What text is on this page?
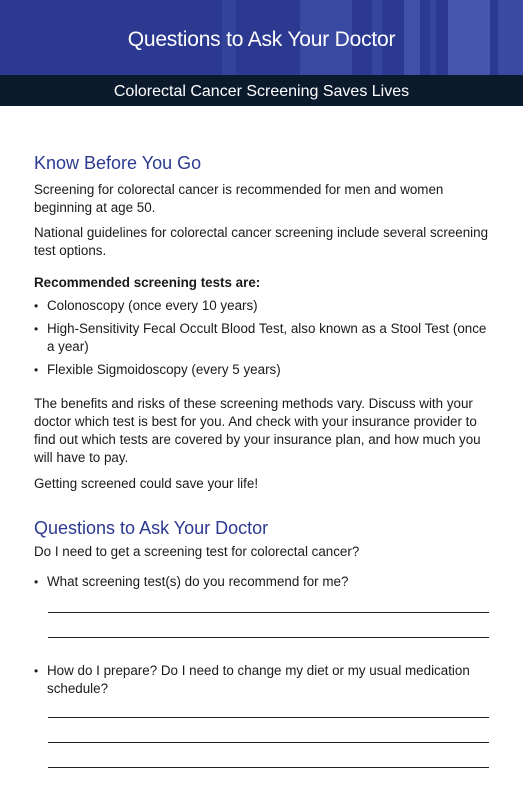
Questions to Ask Your Doctor
Colorectal Cancer Screening Saves Lives
Know Before You Go

Screening for colorectal cancer is recommended for men and women beginning at age 50.

National guidelines for colorectal cancer screening include several screening test options.

Recommended screening tests are:

• Colonoscopy (once every 10 years)
• High-Sensitivity Fecal Occult Blood Test, also known as a Stool Test (once a year)
• Flexible Sigmoidoscopy (every 5 years)

The benefits and risks of these screening methods vary. Discuss with your doctor which test is best for you. And check with your insurance provider to find out which tests are covered by your insurance plan, and how much you will have to pay.

Getting screened could save your life!

Questions to Ask Your Doctor

Do I need to get a screening test for colorectal cancer?

• What screening test(s) do you recommend for me?
• How do I prepare? Do I need to change my diet or my usual medication schedule?
